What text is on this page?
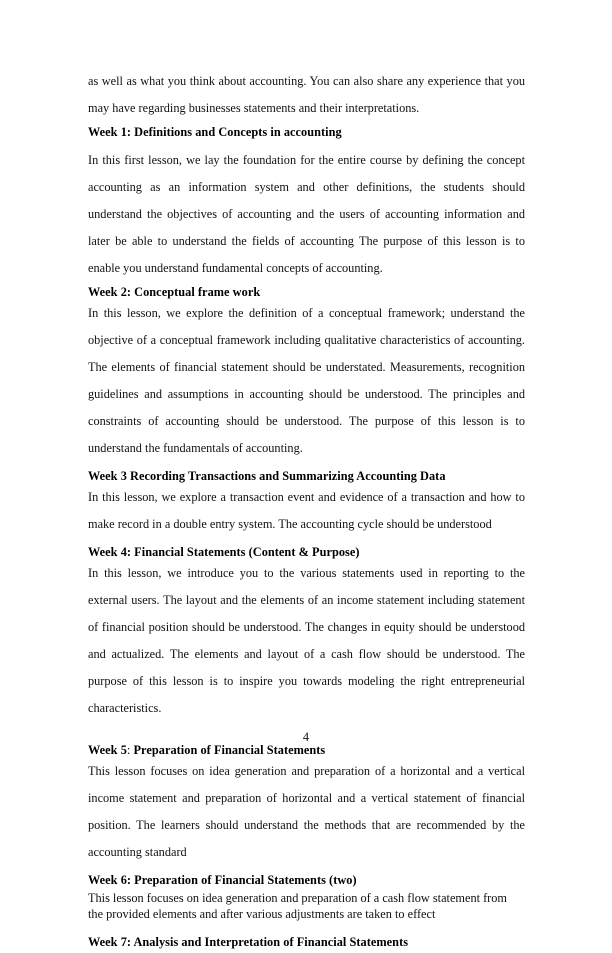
as well as what you think about accounting. You can also share any experience that you may have regarding businesses statements and their interpretations.

Week 1: Definitions and Concepts in accounting

In this first lesson, we lay the foundation for the entire course by defining the concept accounting as an information system and other definitions, the students should understand the objectives of accounting and the users of accounting information and later be able to understand the fields of accounting The purpose of this lesson is to enable you understand fundamental concepts of accounting.

Week 2: Conceptual frame work

In this lesson, we explore the definition of a conceptual framework; understand the objective of a conceptual framework including qualitative characteristics of accounting. The elements of financial statement should be understated. Measurements, recognition guidelines and assumptions in accounting should be understood. The principles and constraints of accounting should be understood. The purpose of this lesson is to understand the fundamentals of accounting.

Week 3 Recording Transactions and Summarizing Accounting Data

In this lesson, we explore a transaction event and evidence of a transaction and how to make record in a double entry system. The accounting cycle should be understood

Week 4: Financial Statements (Content & Purpose)

In this lesson, we introduce you to the various statements used in reporting to the external users. The layout and the elements of an income statement including statement of financial position should be understood. The changes in equity should be understood and actualized. The elements and layout of a cash flow should be understood. The purpose of this lesson is to inspire you towards modeling the right entrepreneurial characteristics.

Week 5: Preparation of Financial Statements

This lesson focuses on idea generation and preparation of a horizontal and a vertical income statement and preparation of horizontal and a vertical statement of financial position. The learners should understand the methods that are recommended by the accounting standard

Week 6: Preparation of Financial Statements (two)

This lesson focuses on idea generation and preparation of a cash flow statement from the provided elements and after various adjustments are taken to effect

Week 7: Analysis and Interpretation of Financial Statements
4
